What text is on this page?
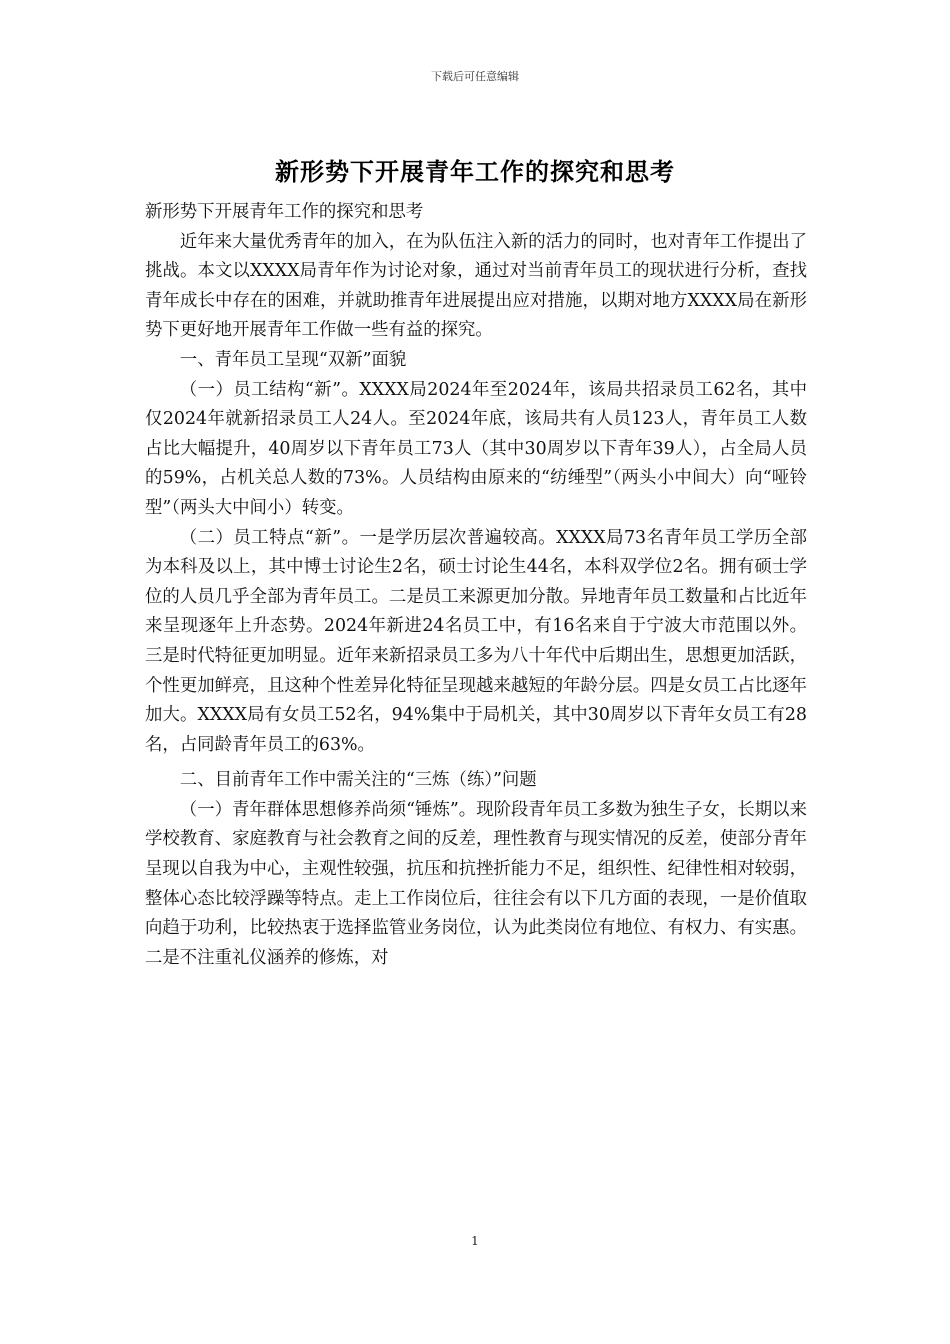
下载后可任意编辑
新形势下开展青年工作的探究和思考

新形势下开展青年工作的探究和思考

近年来大量优秀青年的加入，在为队伍注入新的活力的同时，也对青年工作提出了挑战。本文以XXXX局青年作为讨论对象，通过对当前青年员工的现状进行分析，查找青年成长中存在的困难，并就助推青年进展提出应对措施，以期对地方XXXX局在新形势下更好地开展青年工作做一些有益的探究。

一、青年员工呈现“双新”面貌

（一）员工结构“新”。XXXX局2024年至2024年，该局共招录员工62名，其中仅2024年就新招录员工人24人。至2024年底，该局共有人员123人，青年员工人数占比大幅提升，40周岁以下青年员工73人（其中30周岁以下青年39人），占全局人员的59%，占机关总人数的73%。人员结构由原来的“纺缍型”（两头小中间大）向“哑铃型”（两头大中间小）转变。

（二）员工特点“新”。一是学历层次普遍较高。XXXX局73名青年员工学历全部为本科及以上，其中博士讨论生2名，硕士讨论生44名，本科双学位2名。拥有硕士学位的人员几乎全部为青年员工。二是员工来源更加分散。异地青年员工数量和占比近年来呈现逐年上升态势。2024年新进24名员工中，有16名来自于宁波大市范围以外。三是时代特征更加明显。近年来新招录员工多为八十年代中后期出生，思想更加活跃，个性更加鲜亮，且这种个性差异化特征呈现越来越短的年龄分层。四是女员工占比逐年加大。XXXX局有女员工52名，94%集中于局机关，其中30周岁以下青年女员工有28名，占同龄青年员工的63%。

二、目前青年工作中需关注的“三炼（练）”问题

（一）青年群体思想修养尚须“锤炼”。现阶段青年员工多数为独生子女，长期以来学校教育、家庭教育与社会教育之间的反差，理性教育与现实情况的反差，使部分青年呈现以自我为中心，主观性较强，抗压和抗挫折能力不足，组织性、纪律性相对较弱，整体心态比较浮躁等特点。走上工作岗位后，往往会有以下几方面的表现，一是价值取向趋于功利，比较热衷于选择监管业务岗位，认为此类岗位有地位、有权力、有实惠。二是不注重礼仪涵养的修炼，对

1
